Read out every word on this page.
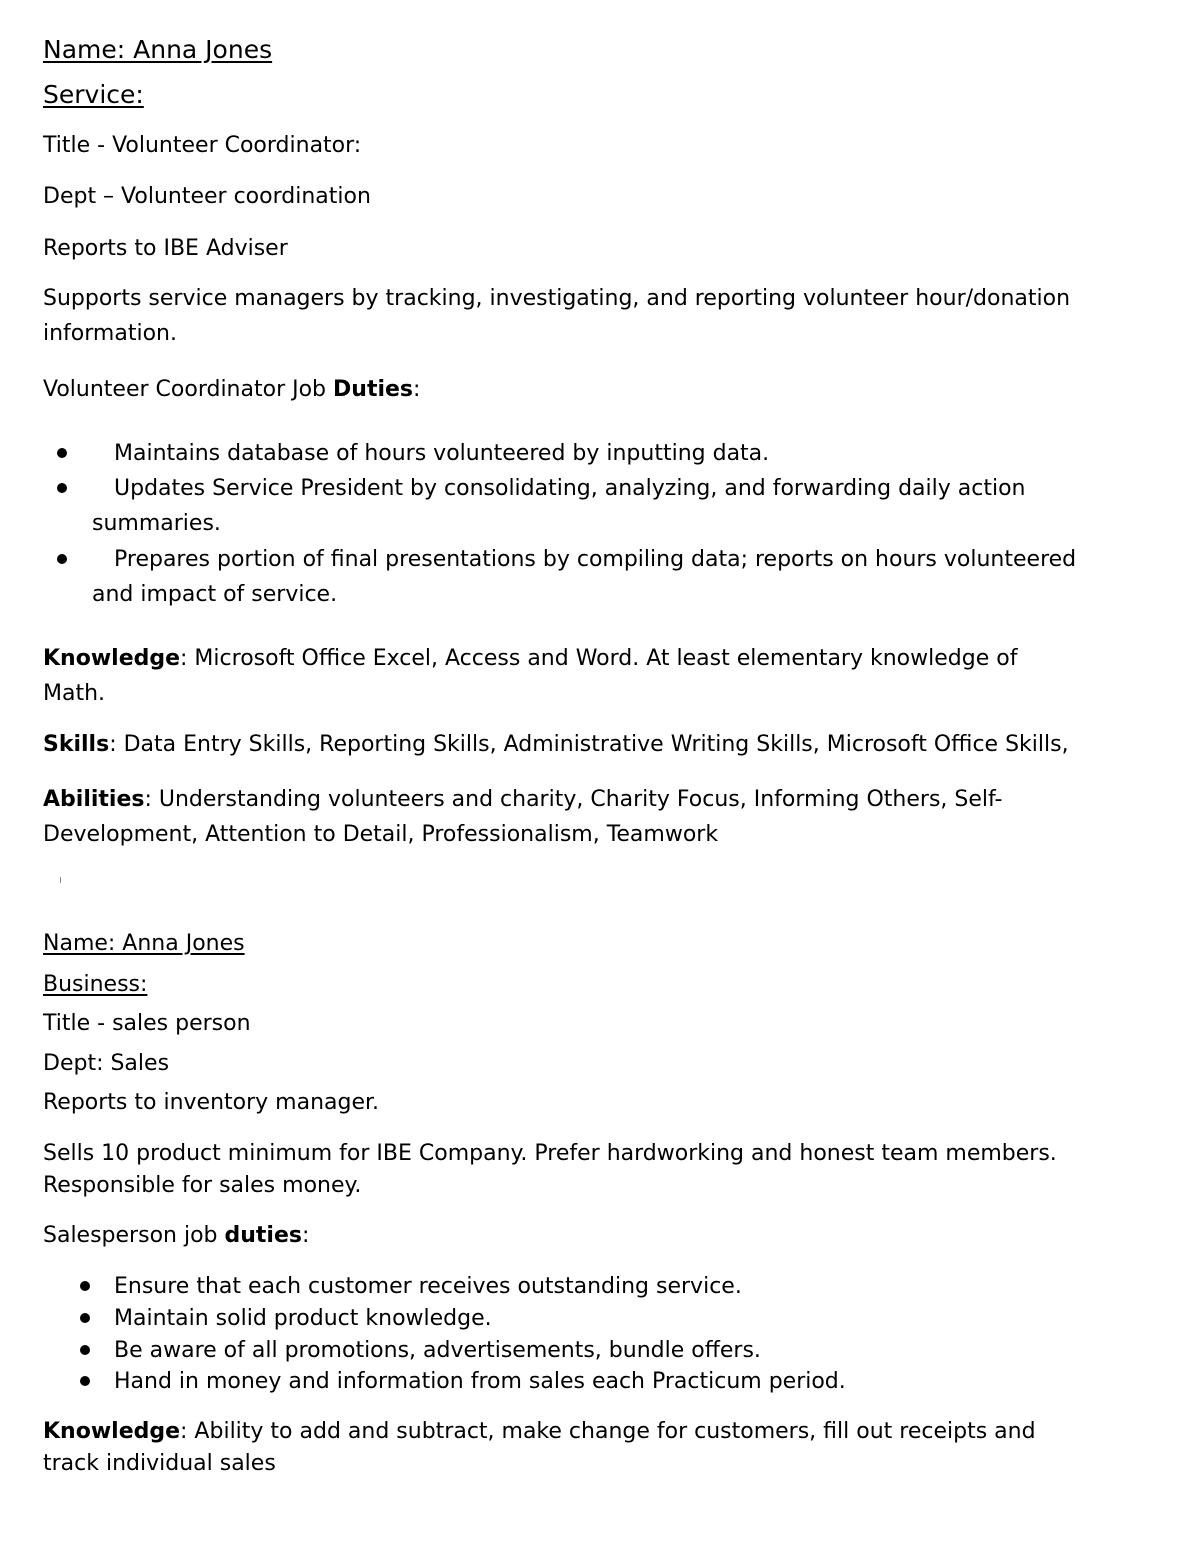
Name: Anna Jones
Service:
Title - Volunteer Coordinator:
Dept – Volunteer coordination
Reports to IBE Adviser
Supports service managers by tracking, investigating, and reporting volunteer hour/donation
information.
Volunteer Coordinator Job Duties:
Maintains database of hours volunteered by inputting data.
Updates Service President by consolidating, analyzing, and forwarding daily action
summaries.
Prepares portion of final presentations by compiling data; reports on hours volunteered
and impact of service.
Knowledge: Microsoft Office Excel, Access and Word. At least elementary knowledge of
Math.
Skills: Data Entry Skills, Reporting Skills, Administrative Writing Skills, Microsoft Office Skills,
Abilities: Understanding volunteers and charity, Charity Focus, Informing Others, Self-
Development, Attention to Detail, Professionalism, Teamwork
Name: Anna Jones
Business:
Title - sales person
Dept: Sales
Reports to inventory manager.
Sells 10 product minimum for IBE Company. Prefer hardworking and honest team members.
Responsible for sales money.
Salesperson job duties:
Ensure that each customer receives outstanding service.
Maintain solid product knowledge.
Be aware of all promotions, advertisements, bundle offers.
Hand in money and information from sales each Practicum period.
Knowledge: Ability to add and subtract, make change for customers, fill out receipts and
track individual sales
